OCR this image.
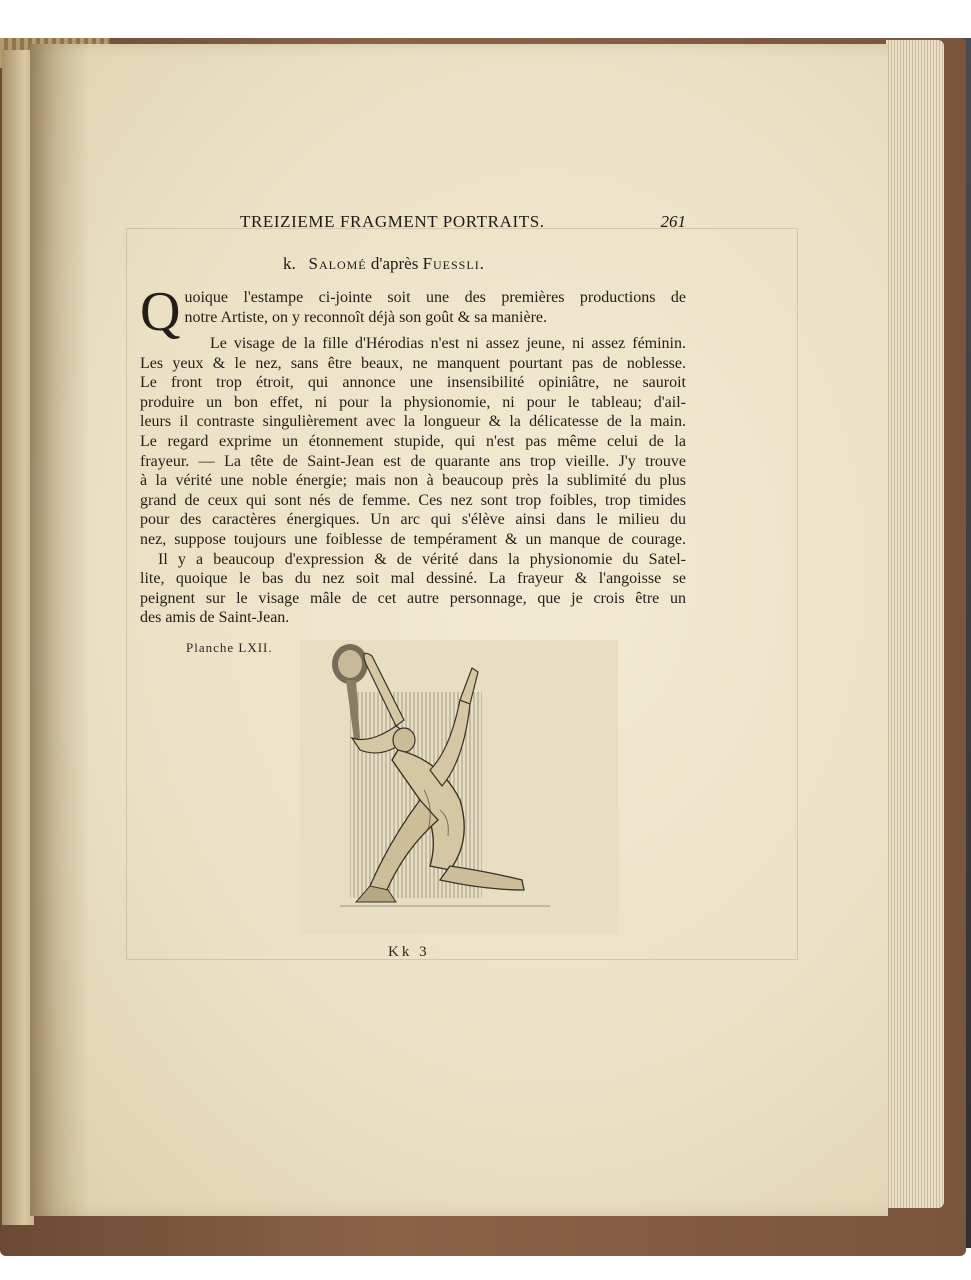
TREIZIEME FRAGMENT PORTRAITS.	261
k. Salomé d'après Fuessli.
Q uoique l'estampe ci-jointe soit une des premières productions de
notre Artiste, on y reconnoît déjà son goût & sa manière.
Le visage de la fille d'Hérodias n'est ni assez jeune, ni assez féminin.
Les yeux & le nez, sans être beaux, ne manquent pourtant pas de noblesse.
Le front trop étroit, qui annonce une insensibilité opiniâtre, ne sauroit
produire un bon effet, ni pour la physionomie, ni pour le tableau; d'ail-
leurs il contraste singulièrement avec la longueur & la délicatesse de la main.
Le regard exprime un étonnement stupide, qui n'est pas même celui de la
frayeur. — La tête de Saint-Jean est de quarante ans trop vieille. J'y trouve
à la vérité une noble énergie; mais non à beaucoup près la sublimité du plus
grand de ceux qui sont nés de femme. Ces nez sont trop foibles, trop timides
pour des caractères énergiques. Un arc qui s'élève ainsi dans le milieu du
nez, suppose toujours une foiblesse de tempérament & un manque de courage.
Il y a beaucoup d'expression & de vérité dans la physionomie du Satel-
lite, quoique le bas du nez soit mal dessiné. La frayeur & l'angoisse se
peignent sur le visage mâle de cet autre personnage, que je crois être un
des amis de Saint-Jean.
Planche LXII.
Kk 3
